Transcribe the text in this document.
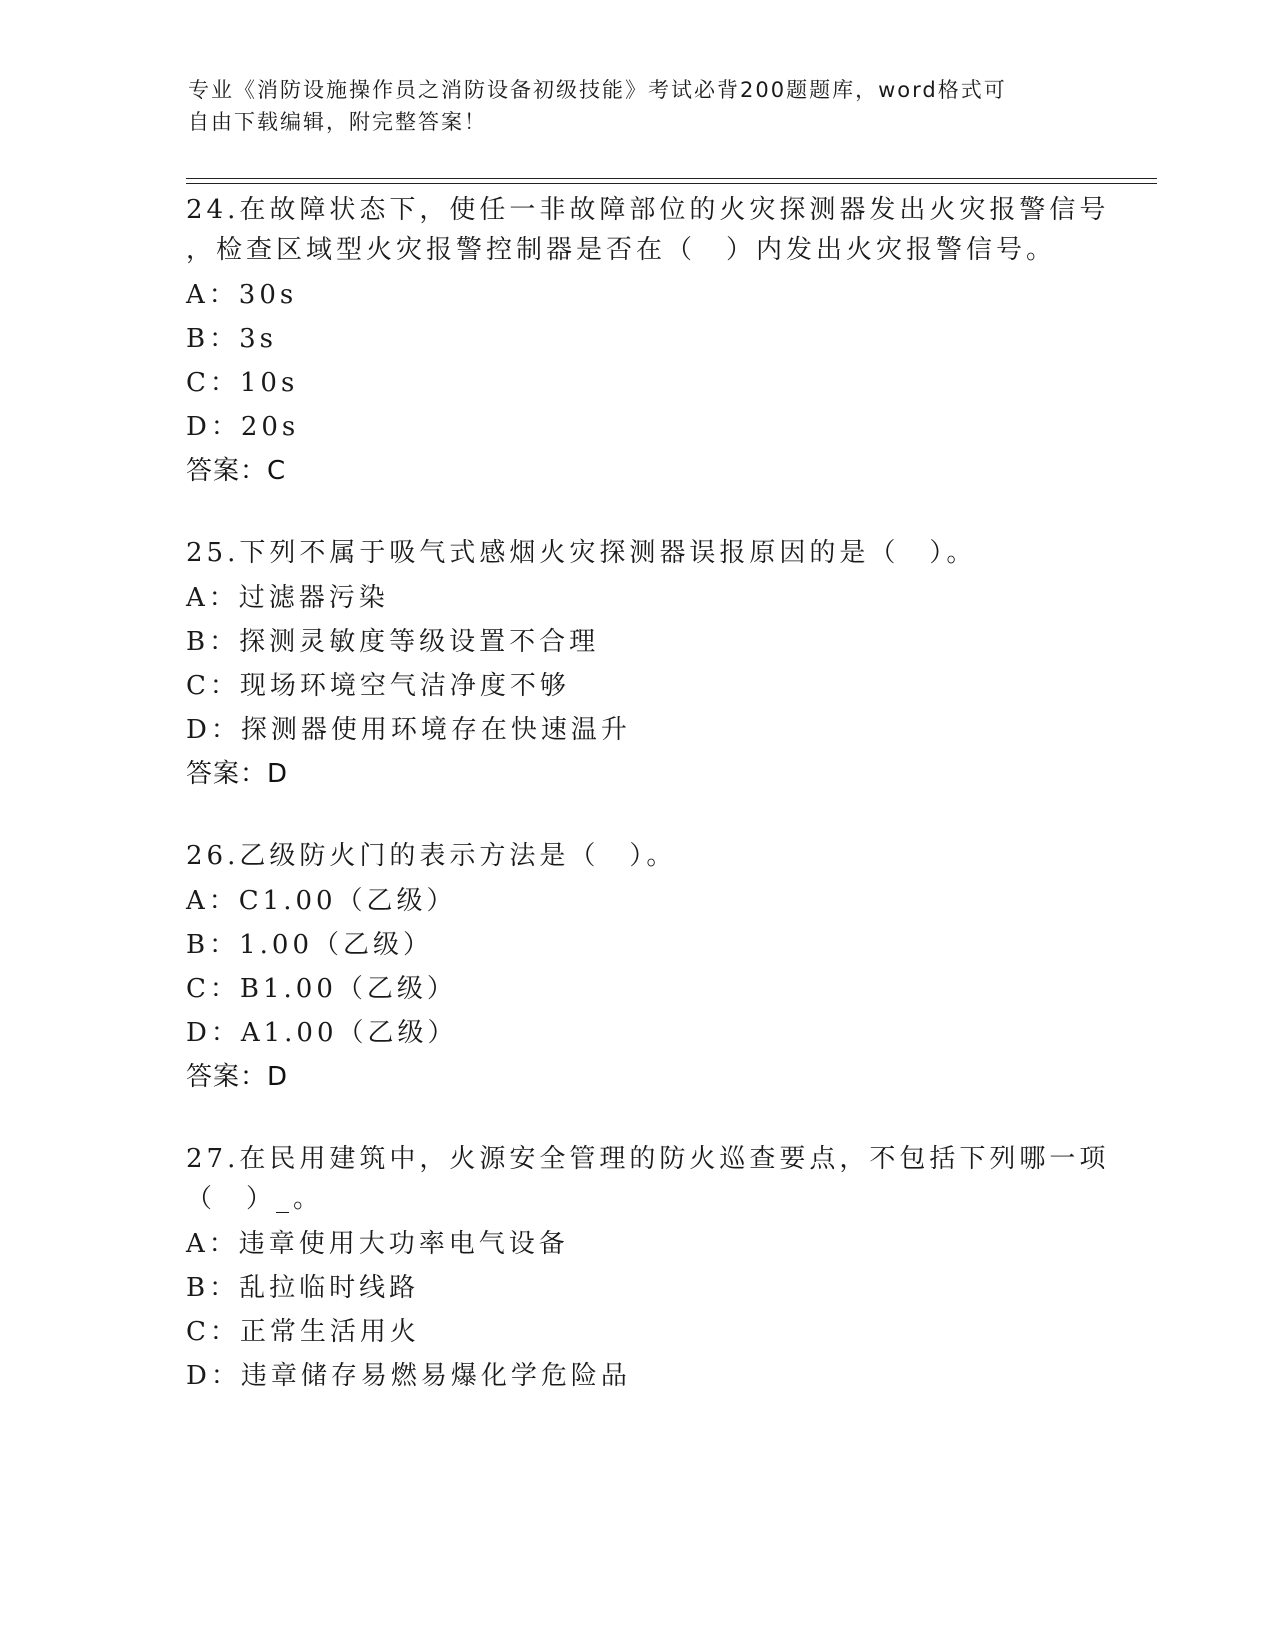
专业《消防设施操作员之消防设备初级技能》考试必背200题题库，word格式可
自由下载编辑，附完整答案！
24.在故障状态下，使任一非故障部位的火灾探测器发出火灾报警信号
，检查区域型火灾报警控制器是否在（　）内发出火灾报警信号。
A：30s
B：3s
C：10s
D：20s
答案：C
25.下列不属于吸气式感烟火灾探测器误报原因的是（　）。
A：过滤器污染
B：探测灵敏度等级设置不合理
C：现场环境空气洁净度不够
D：探测器使用环境存在快速温升
答案：D
26.乙级防火门的表示方法是（　）。
A：C1.00（乙级）
B：1.00（乙级）
C：B1.00（乙级）
D：A1.00（乙级）
答案：D
27.在民用建筑中，火源安全管理的防火巡查要点，不包括下列哪一项
（　）_。
A：违章使用大功率电气设备
B：乱拉临时线路
C：正常生活用火
D：违章储存易燃易爆化学危险品
